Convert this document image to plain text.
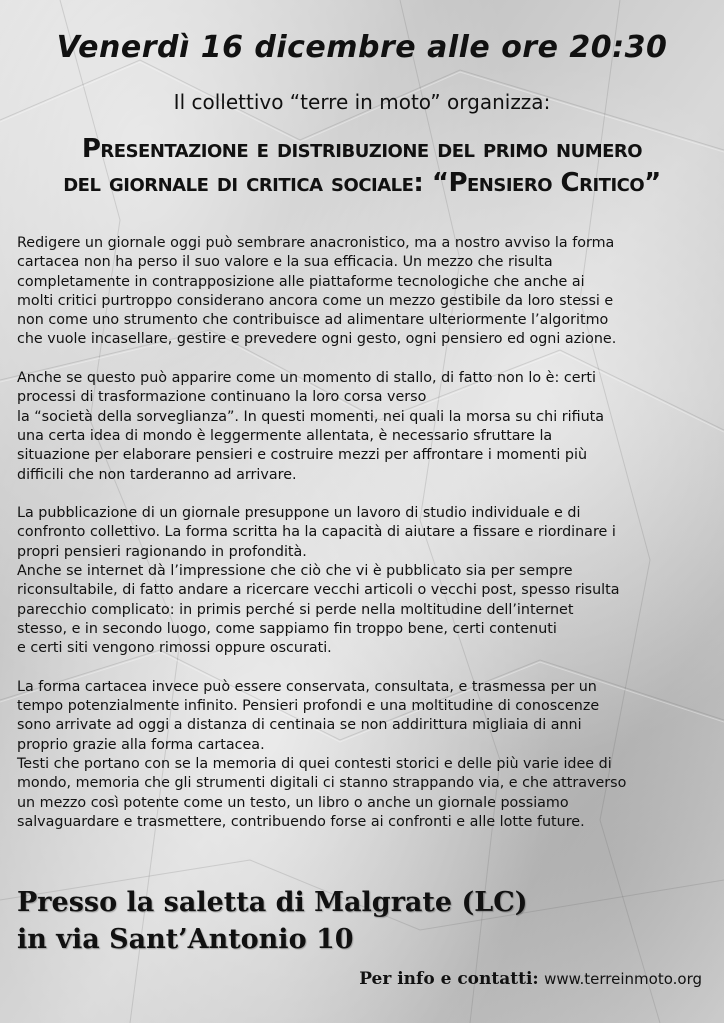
Venerdì 16 dicembre alle ore 20:30
Il collettivo “terre in moto” organizza:
Presentazione e distribuzione del primo numero
del giornale di critica sociale: “Pensiero Critico”

Redigere un giornale oggi può sembrare anacronistico, ma a nostro avviso la forma
cartacea non ha perso il suo valore e la sua efficacia. Un mezzo che risulta
completamente in contrapposizione alle piattaforme tecnologiche che anche ai
molti critici purtroppo considerano ancora come un mezzo gestibile da loro stessi e
non come uno strumento che contribuisce ad alimentare ulteriormente l’algoritmo
che vuole incasellare, gestire e prevedere ogni gesto, ogni pensiero ed ogni azione.

Anche se questo può apparire come un momento di stallo, di fatto non lo è: certi
processi di trasformazione continuano la loro corsa verso
la “società della sorveglianza”. In questi momenti, nei quali la morsa su chi rifiuta
una certa idea di mondo è leggermente allentata, è necessario sfruttare la
situazione per elaborare pensieri e costruire mezzi per affrontare i momenti più
difficili che non tarderanno ad arrivare.

La pubblicazione di un giornale presuppone un lavoro di studio individuale e di
confronto collettivo. La forma scritta ha la capacità di aiutare a fissare e riordinare i
propri pensieri ragionando in profondità.
Anche se internet dà l’impressione che ciò che vi è pubblicato sia per sempre
riconsultabile, di fatto andare a ricercare vecchi articoli o vecchi post, spesso risulta
parecchio complicato: in primis perché si perde nella moltitudine dell’internet
stesso, e in secondo luogo, come sappiamo fin troppo bene, certi contenuti
e certi siti vengono rimossi oppure oscurati.

La forma cartacea invece può essere conservata, consultata, e trasmessa per un
tempo potenzialmente infinito. Pensieri profondi e una moltitudine di conoscenze
sono arrivate ad oggi a distanza di centinaia se non addirittura migliaia di anni
proprio grazie alla forma cartacea.
Testi che portano con se la memoria di quei contesti storici e delle più varie idee di
mondo, memoria che gli strumenti digitali ci stanno strappando via, e che attraverso
un mezzo così potente come un testo, un libro o anche un giornale possiamo
salvaguardare e trasmettere, contribuendo forse ai confronti e alle lotte future.

Presso la saletta di Malgrate (LC)
in via Sant’Antonio 10
Per info e contatti: www.terreinmoto.org
